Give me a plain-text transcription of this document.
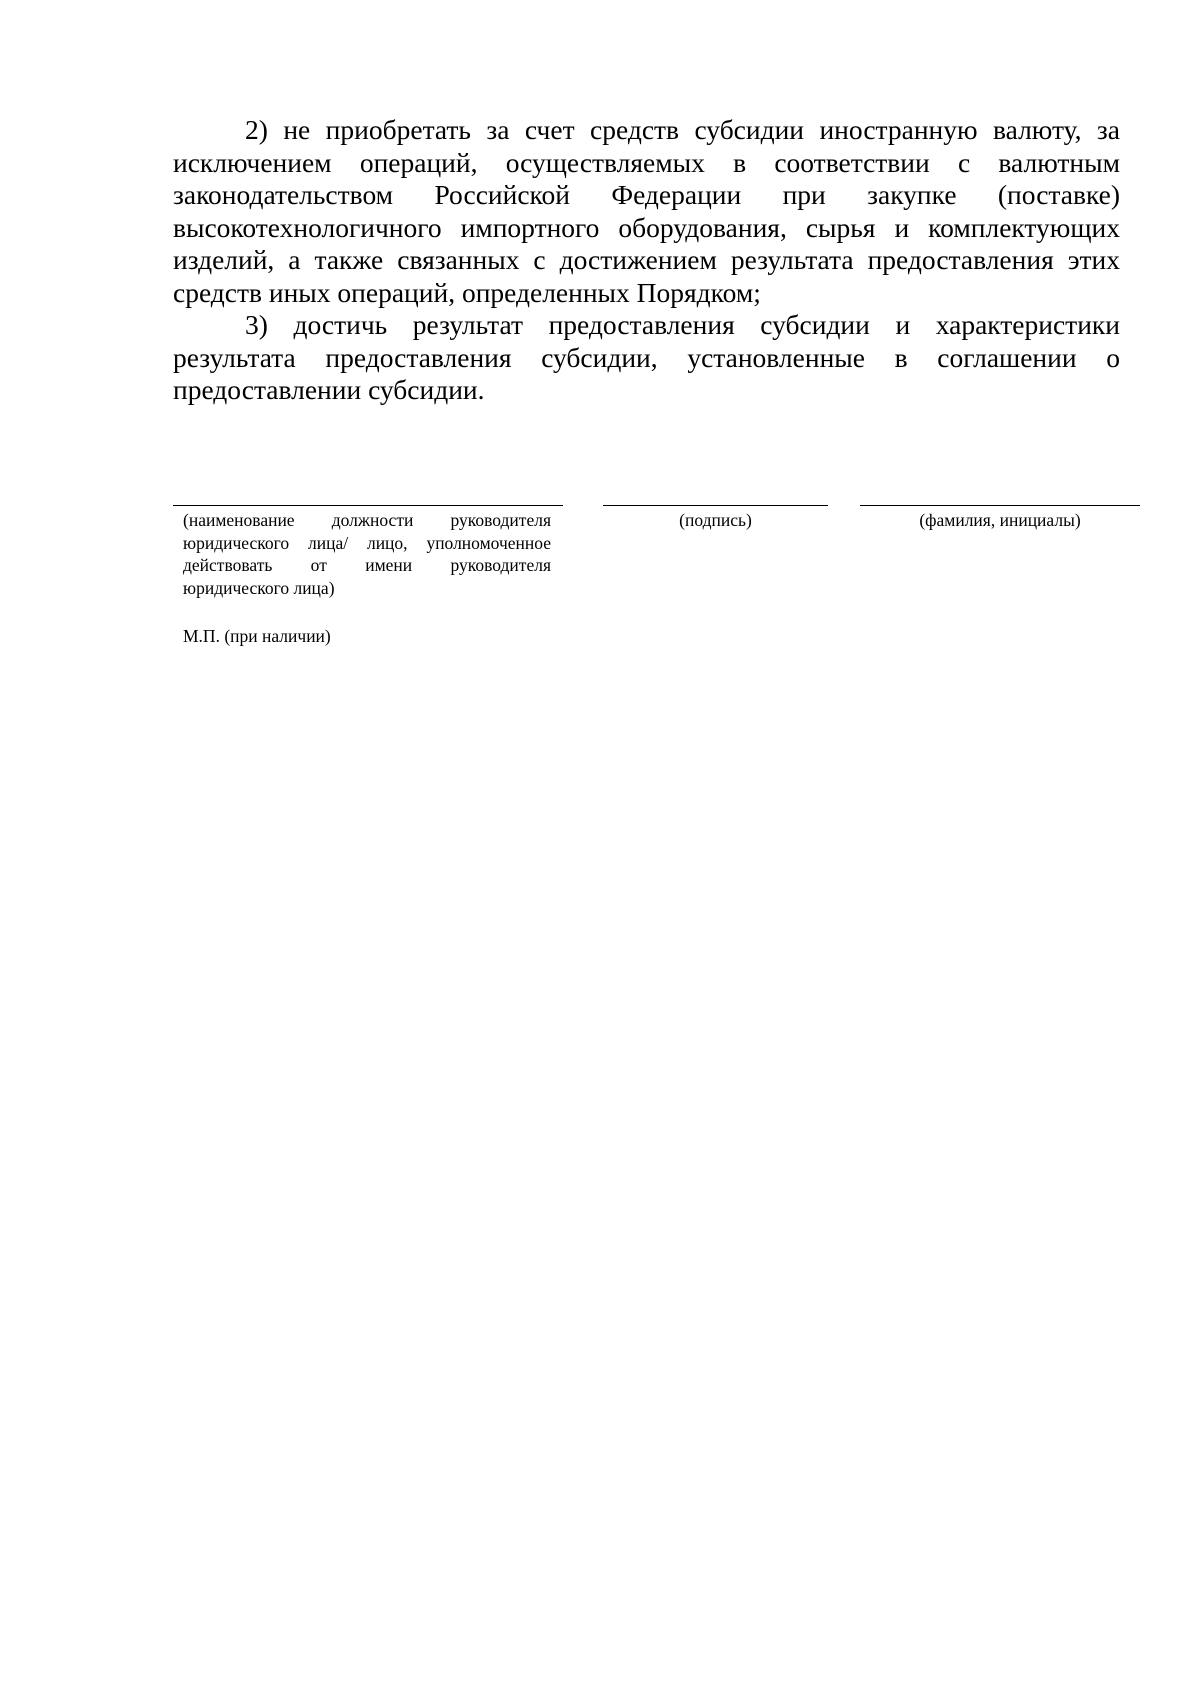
2) не приобретать за счет средств субсидии иностранную валюту, за исключением операций, осуществляемых в соответствии с валютным законодательством Российской Федерации при закупке (поставке) высокотехнологичного импортного оборудования, сырья и комплектующих изделий, а также связанных с достижением результата предоставления этих средств иных операций, определенных Порядком;

3) достичь результат предоставления субсидии и характеристики результата предоставления субсидии, установленные в соглашении о предоставлении субсидии.

(наименование должности руководителя юридического лица/ лицо, уполномоченное действовать от имени руководителя юридического лица)
(подпись)	(фамилия, инициалы)
М.П. (при наличии)
